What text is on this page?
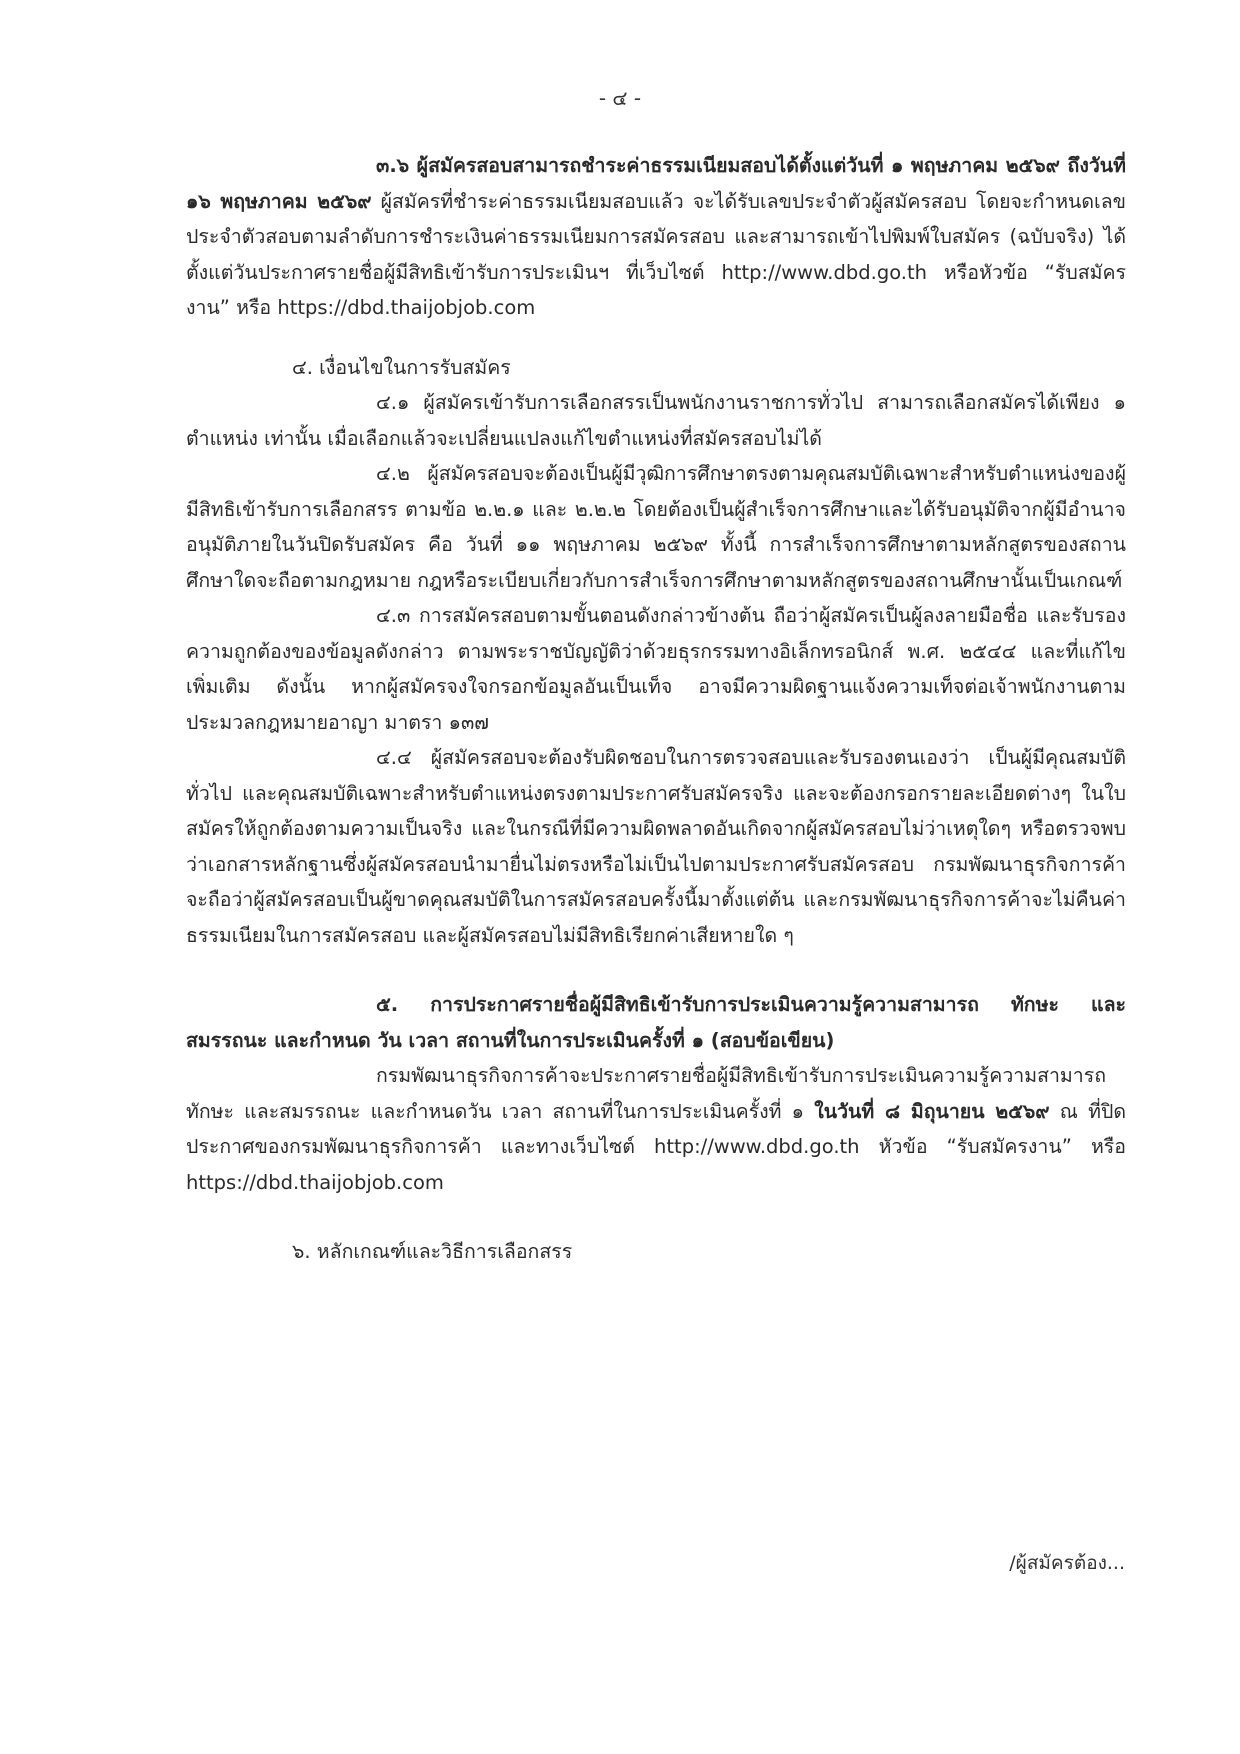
- ๔ -

๓.๖ ผู้สมัครสอบสามารถชำระค่าธรรมเนียมสอบได้ตั้งแต่วันที่ ๑ พฤษภาคม ๒๕๖๙ ถึงวันที่ ๑๖ พฤษภาคม ๒๕๖๙ ผู้สมัครที่ชำระค่าธรรมเนียมสอบแล้ว จะได้รับเลขประจำตัวผู้สมัครสอบ โดยจะกำหนดเลขประจำตัวสอบตามลำดับการชำระเงินค่าธรรมเนียมการสมัครสอบ และสามารถเข้าไปพิมพ์ใบสมัคร (ฉบับจริง) ได้ตั้งแต่วันประกาศรายชื่อผู้มีสิทธิเข้ารับการประเมินฯ ที่เว็บไซต์ http://www.dbd.go.th หรือหัวข้อ “รับสมัครงาน” หรือ https://dbd.thaijobjob.com

๔. เงื่อนไขในการรับสมัคร

๔.๑ ผู้สมัครเข้ารับการเลือกสรรเป็นพนักงานราชการทั่วไป สามารถเลือกสมัครได้เพียง ๑ ตำแหน่ง เท่านั้น เมื่อเลือกแล้วจะเปลี่ยนแปลงแก้ไขตำแหน่งที่สมัครสอบไม่ได้

๔.๒ ผู้สมัครสอบจะต้องเป็นผู้มีวุฒิการศึกษาตรงตามคุณสมบัติเฉพาะสำหรับตำแหน่งของผู้มีสิทธิเข้ารับการเลือกสรร ตามข้อ ๒.๒.๑ และ ๒.๒.๒ โดยต้องเป็นผู้สำเร็จการศึกษาและได้รับอนุมัติจากผู้มีอำนาจอนุมัติภายในวันปิดรับสมัคร คือ วันที่ ๑๑ พฤษภาคม ๒๕๖๙ ทั้งนี้ การสำเร็จการศึกษาตามหลักสูตรของสถานศึกษาใดจะถือตามกฎหมาย กฎหรือระเบียบเกี่ยวกับการสำเร็จการศึกษาตามหลักสูตรของสถานศึกษานั้นเป็นเกณฑ์

๔.๓ การสมัครสอบตามขั้นตอนดังกล่าวข้างต้น ถือว่าผู้สมัครเป็นผู้ลงลายมือชื่อ และรับรองความถูกต้องของข้อมูลดังกล่าว ตามพระราชบัญญัติว่าด้วยธุรกรรมทางอิเล็กทรอนิกส์ พ.ศ. ๒๕๔๔ และที่แก้ไขเพิ่มเติม ดังนั้น หากผู้สมัครจงใจกรอกข้อมูลอันเป็นเท็จ อาจมีความผิดฐานแจ้งความเท็จต่อเจ้าพนักงานตามประมวลกฎหมายอาญา มาตรา ๑๓๗

๔.๔ ผู้สมัครสอบจะต้องรับผิดชอบในการตรวจสอบและรับรองตนเองว่า เป็นผู้มีคุณสมบัติทั่วไป และคุณสมบัติเฉพาะสำหรับตำแหน่งตรงตามประกาศรับสมัครจริง และจะต้องกรอกรายละเอียดต่างๆ ในใบสมัครให้ถูกต้องตามความเป็นจริง และในกรณีที่มีความผิดพลาดอันเกิดจากผู้สมัครสอบไม่ว่าเหตุใดๆ หรือตรวจพบว่าเอกสารหลักฐานซึ่งผู้สมัครสอบนำมายื่นไม่ตรงหรือไม่เป็นไปตามประกาศรับสมัครสอบ กรมพัฒนาธุรกิจการค้า จะถือว่าผู้สมัครสอบเป็นผู้ขาดคุณสมบัติในการสมัครสอบครั้งนี้มาตั้งแต่ต้น และกรมพัฒนาธุรกิจการค้าจะไม่คืนค่าธรรมเนียมในการสมัครสอบ และผู้สมัครสอบไม่มีสิทธิเรียกค่าเสียหายใด ๆ

๕. การประกาศรายชื่อผู้มีสิทธิเข้ารับการประเมินความรู้ความสามารถ ทักษะ และสมรรถนะ และกำหนด วัน เวลา สถานที่ในการประเมินครั้งที่ ๑ (สอบข้อเขียน)

กรมพัฒนาธุรกิจการค้าจะประกาศรายชื่อผู้มีสิทธิเข้ารับการประเมินความรู้ความสามารถ ทักษะ และสมรรถนะ และกำหนดวัน เวลา สถานที่ในการประเมินครั้งที่ ๑ ในวันที่ ๘ มิถุนายน ๒๕๖๙ ณ ที่ปิดประกาศของกรมพัฒนาธุรกิจการค้า และทางเว็บไซต์ http://www.dbd.go.th หัวข้อ “รับสมัครงาน” หรือ https://dbd.thaijobjob.com

๖. หลักเกณฑ์และวิธีการเลือกสรร

/ผู้สมัครต้อง...
